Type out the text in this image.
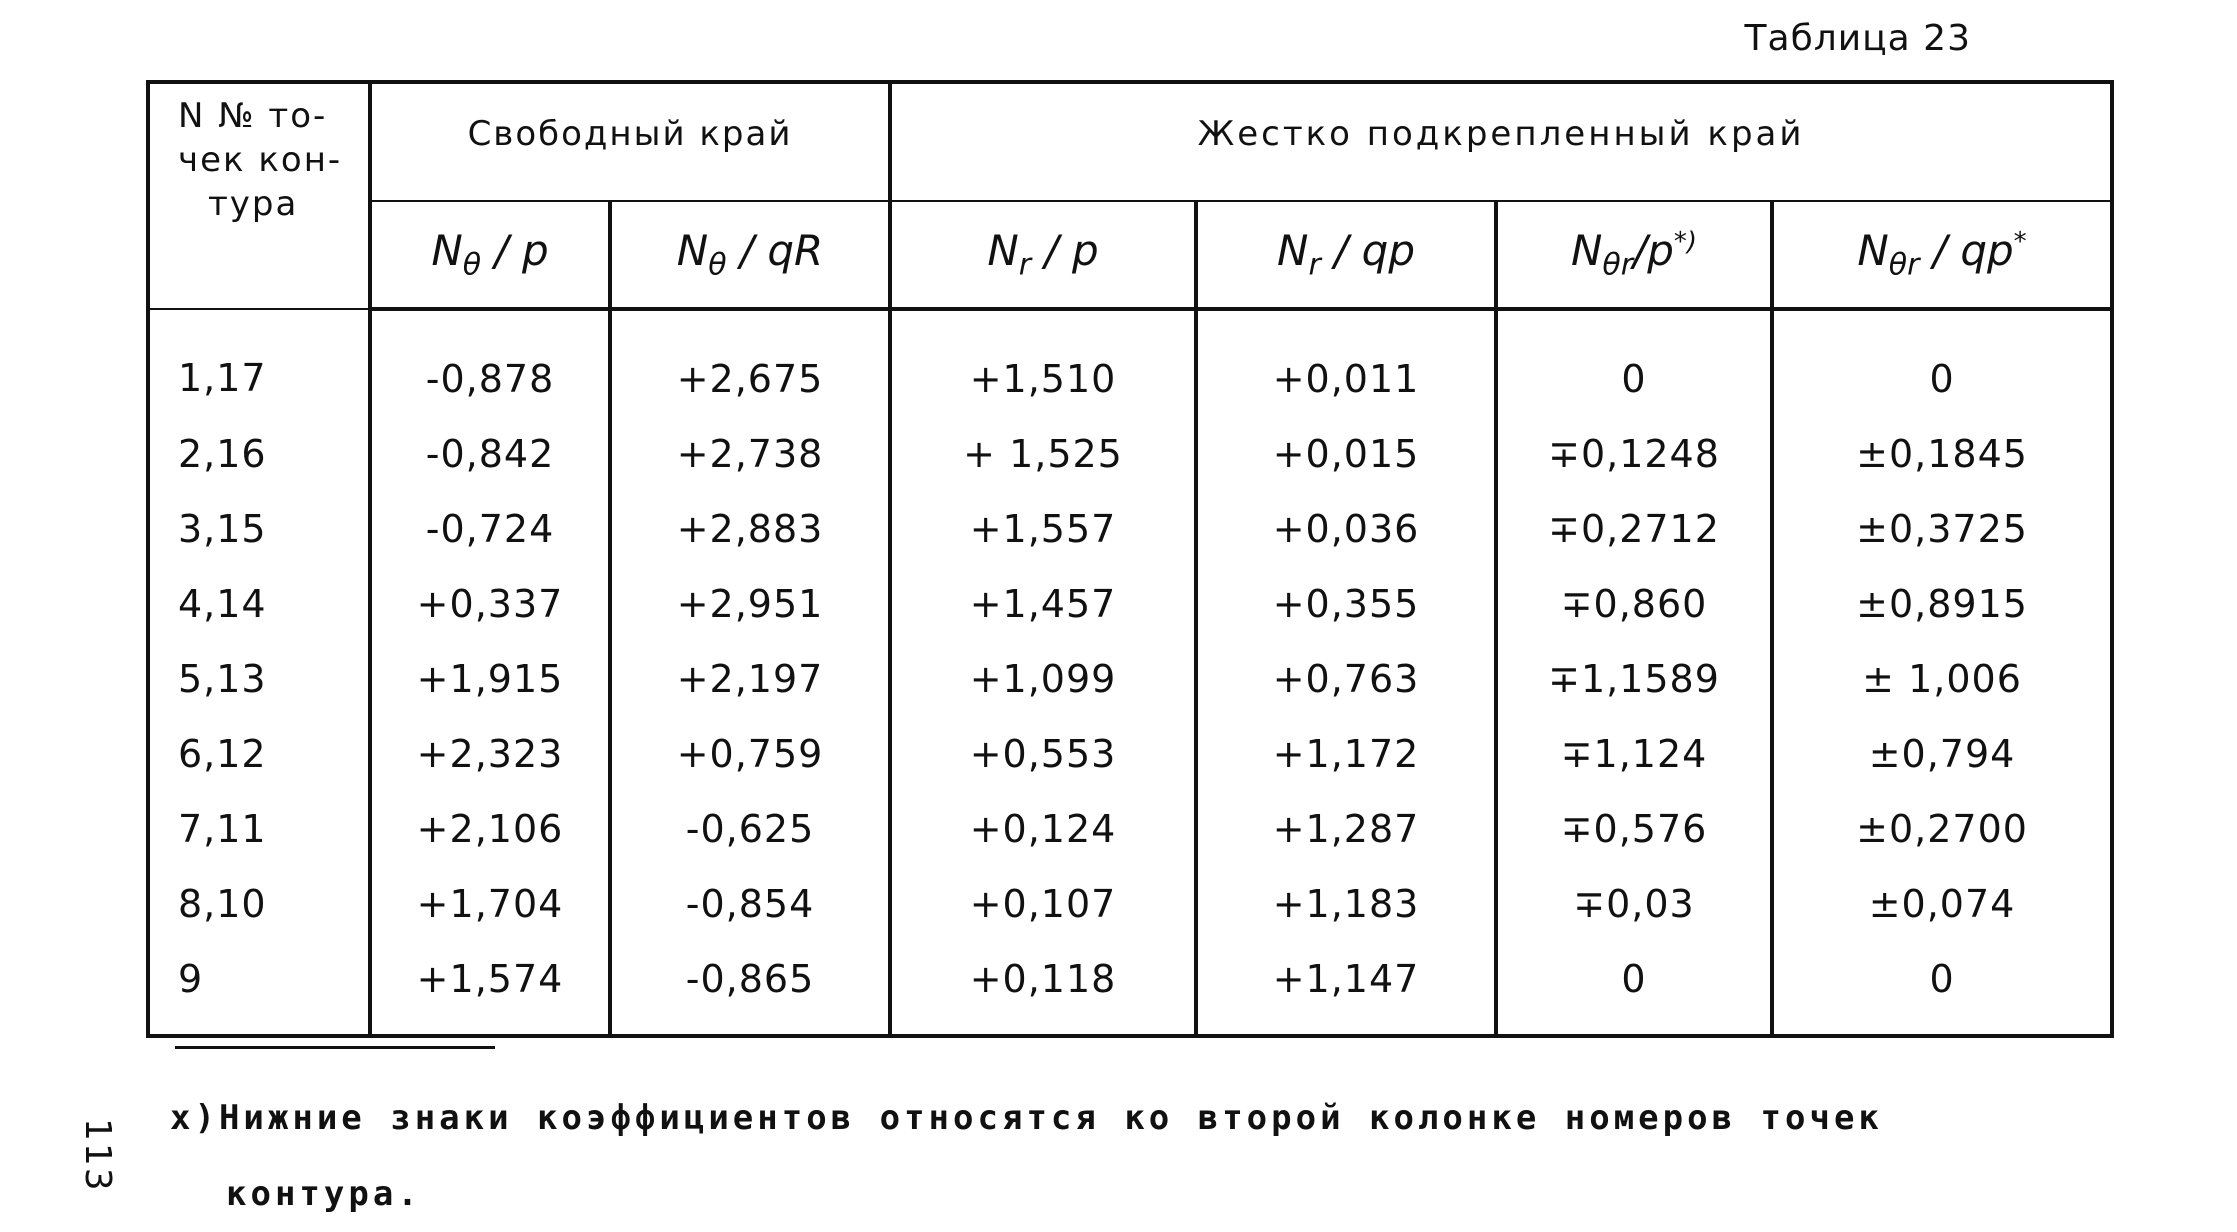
Таблица 23
N № то-
чек кон-
тура	Свободный край		Жестко подкрепленный край			
	$N_\theta$ / p	$N_\theta$ / qR	$N_r$ / p	$N_r$ / qp	$N_{\theta r}/p^{*)}$	$N_{\theta r} / qp^*$
1,17	-0,878	+2,675	+1,510	+0,011	0	0
2,16	-0,842	+2,738	+ 1,525	+0,015	∓0,1248	±0,1845
3,15	-0,724	+2,883	+1,557	+0,036	∓0,2712	±0,3725
4,14	+0,337	+2,951	+1,457	+0,355	∓0,860	±0,8915
5,13	+1,915	+2,197	+1,099	+0,763	∓1,1589	± 1,006
6,12	+2,323	+0,759	+0,553	+1,172	∓1,124	±0,794
7,11	+2,106	-0,625	+0,124	+1,287	∓0,576	±0,2700
8,10	+1,704	-0,854	+0,107	+1,183	∓0,03	±0,074
9	+1,574	-0,865	+0,118	+1,147	0	0
x)Нижние знаки коэффициентов относятся ко второй колонке номеров точек
контура.
113
